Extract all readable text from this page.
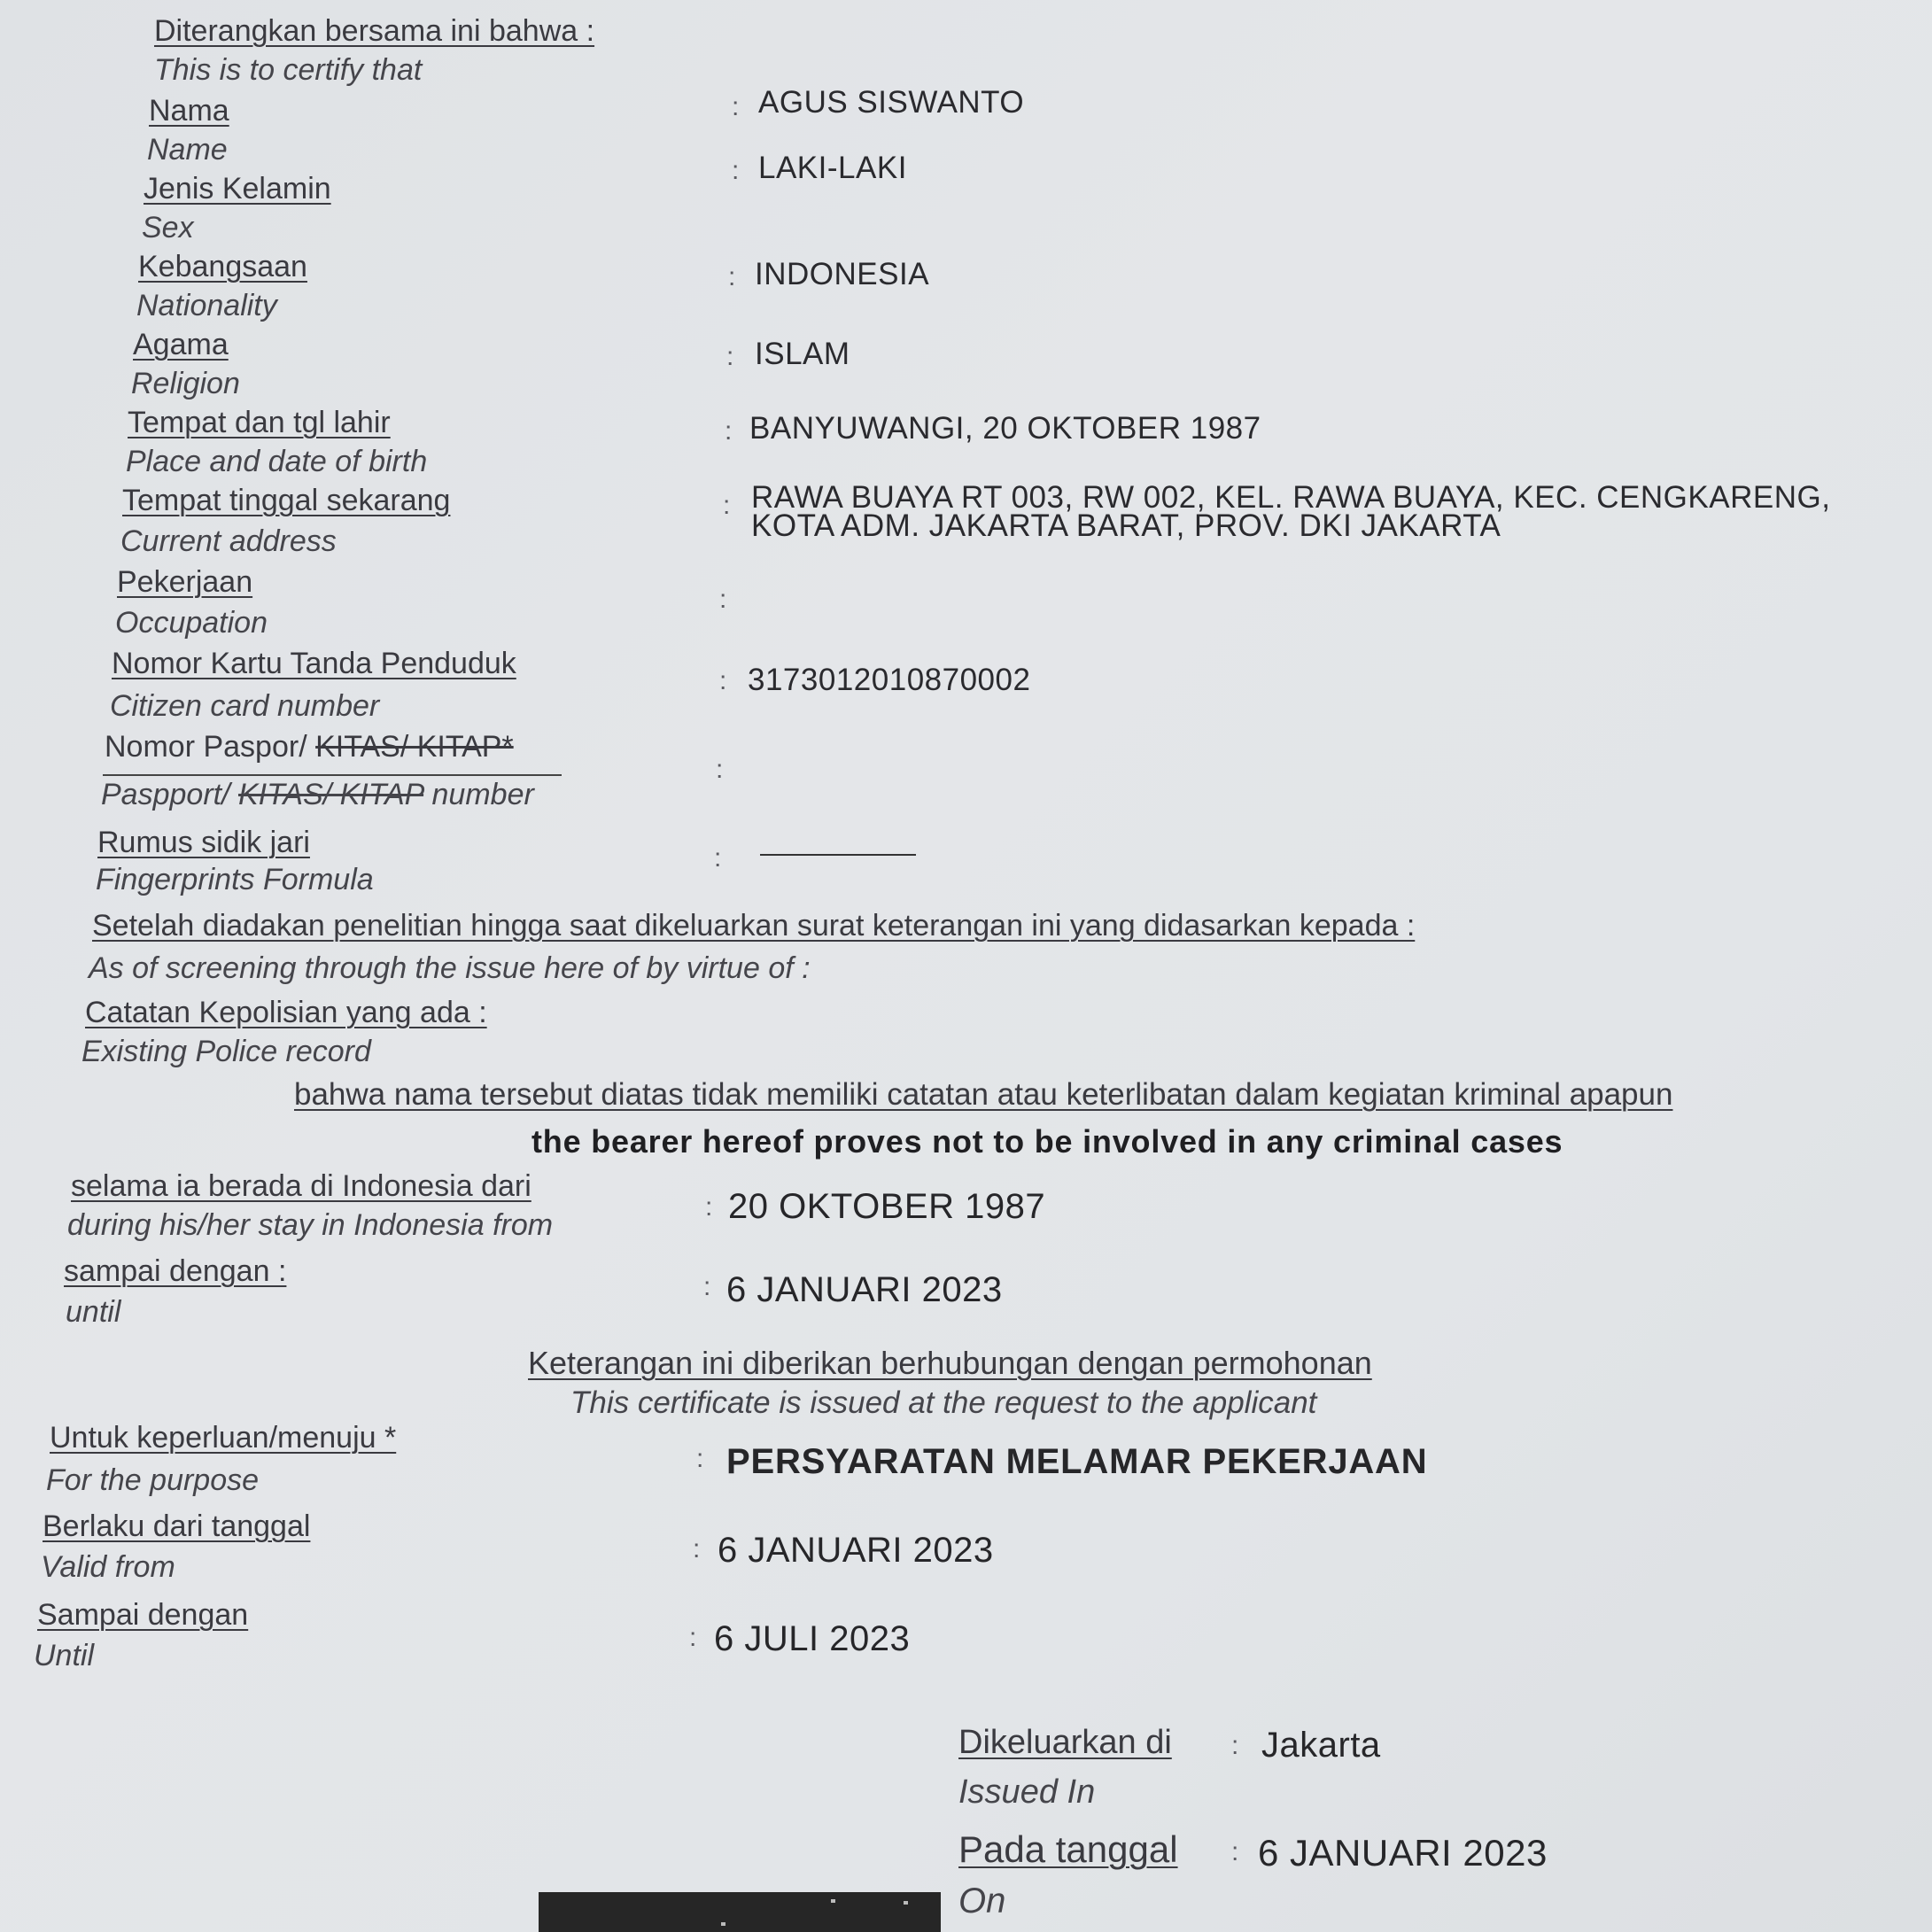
Diterangkan bersama ini bahwa :
This is to certify that
Nama
Name
: AGUS SISWANTO
Jenis Kelamin
Sex
: LAKI-LAKI
Kebangsaan
Nationality
: INDONESIA
Agama
Religion
: ISLAM
Tempat dan tgl lahir
Place and date of birth
: BANYUWANGI, 20 OKTOBER 1987
Tempat tinggal sekarang
Current address
: RAWA BUAYA RT 003, RW 002, KEL. RAWA BUAYA, KEC. CENGKARENG,
KOTA ADM. JAKARTA BARAT, PROV. DKI JAKARTA
Pekerjaan
Occupation
:
Nomor Kartu Tanda Penduduk
Citizen card number
: 3173012010870002
Nomor Paspor/ KITAS/ KITAP*
Paspport/ KITAS/ KITAP number
:
Rumus sidik jari
Fingerprints Formula
:
Setelah diadakan penelitian hingga saat dikeluarkan surat keterangan ini yang didasarkan kepada :
As of screening through the issue here of by virtue of :
Catatan Kepolisian yang ada :
Existing Police record
bahwa nama tersebut diatas tidak memiliki catatan atau keterlibatan dalam kegiatan kriminal apapun
the bearer hereof proves not to be involved in any criminal cases
selama ia berada di Indonesia dari
during his/her stay in Indonesia from
: 20 OKTOBER 1987
sampai dengan :
until
: 6 JANUARI 2023
Keterangan ini diberikan berhubungan dengan permohonan
This certificate is issued at the request to the applicant
Untuk keperluan/menuju *
For the purpose
: PERSYARATAN MELAMAR PEKERJAAN
Berlaku dari tanggal
Valid from
: 6 JANUARI 2023
Sampai dengan
Until
: 6 JULI 2023
Dikeluarkan di
Issued In
: Jakarta
Pada tanggal
On
: 6 JANUARI 2023
